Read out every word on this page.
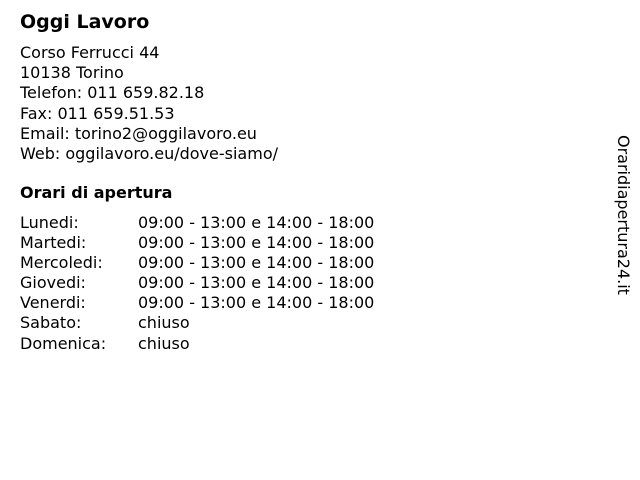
Oggi Lavoro
Corso Ferrucci 44
10138 Torino
Telefon: 011 659.82.18
Fax: 011 659.51.53
Email: torino2@oggilavoro.eu
Web: oggilavoro.eu/dove-siamo/
Orari di apertura
Lunedi:	09:00 - 13:00 e 14:00 - 18:00
Martedi:	09:00 - 13:00 e 14:00 - 18:00
Mercoledi: 09:00 - 13:00 e 14:00 - 18:00
Giovedi:	09:00 - 13:00 e 14:00 - 18:00
Venerdi:	09:00 - 13:00 e 14:00 - 18:00
Sabato:	chiuso
Domenica: chiuso
Oraridiapertura24.it
